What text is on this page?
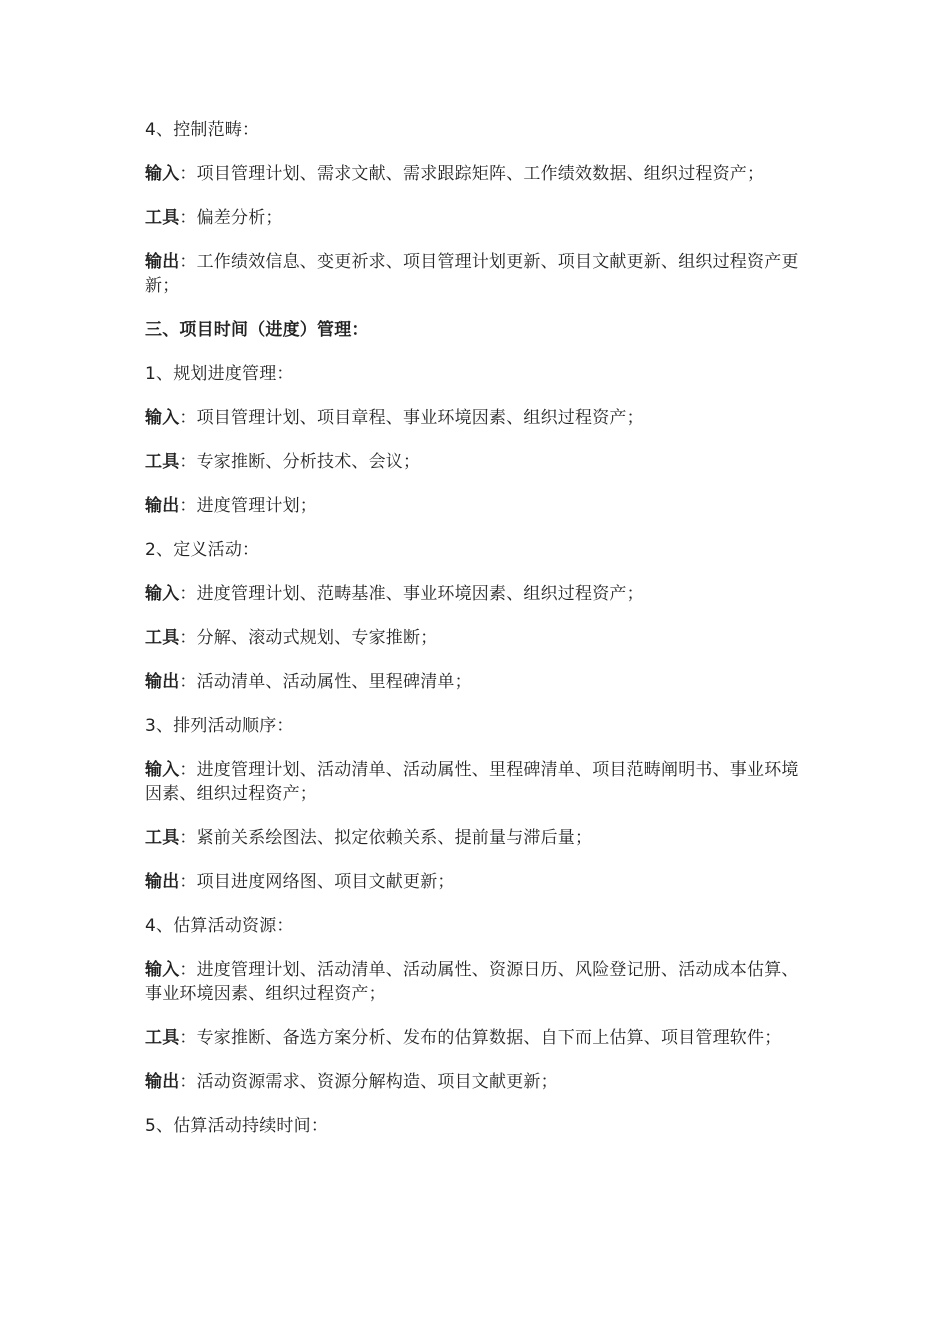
4、控制范畴：

输入：项目管理计划、需求文献、需求跟踪矩阵、工作绩效数据、组织过程资产；

工具：偏差分析；

输出：工作绩效信息、变更祈求、项目管理计划更新、项目文献更新、组织过程资产更新；

三、项目时间（进度）管理：

1、规划进度管理：

输入：项目管理计划、项目章程、事业环境因素、组织过程资产；

工具：专家推断、分析技术、会议；

输出：进度管理计划；

2、定义活动：

输入：进度管理计划、范畴基准、事业环境因素、组织过程资产；

工具：分解、滚动式规划、专家推断；

输出：活动清单、活动属性、里程碑清单；

3、排列活动顺序：

输入：进度管理计划、活动清单、活动属性、里程碑清单、项目范畴阐明书、事业环境因素、组织过程资产；

工具：紧前关系绘图法、拟定依赖关系、提前量与滞后量；

输出：项目进度网络图、项目文献更新；

4、估算活动资源：

输入：进度管理计划、活动清单、活动属性、资源日历、风险登记册、活动成本估算、事业环境因素、组织过程资产；

工具：专家推断、备选方案分析、发布的估算数据、自下而上估算、项目管理软件；

输出：活动资源需求、资源分解构造、项目文献更新；

5、估算活动持续时间：
